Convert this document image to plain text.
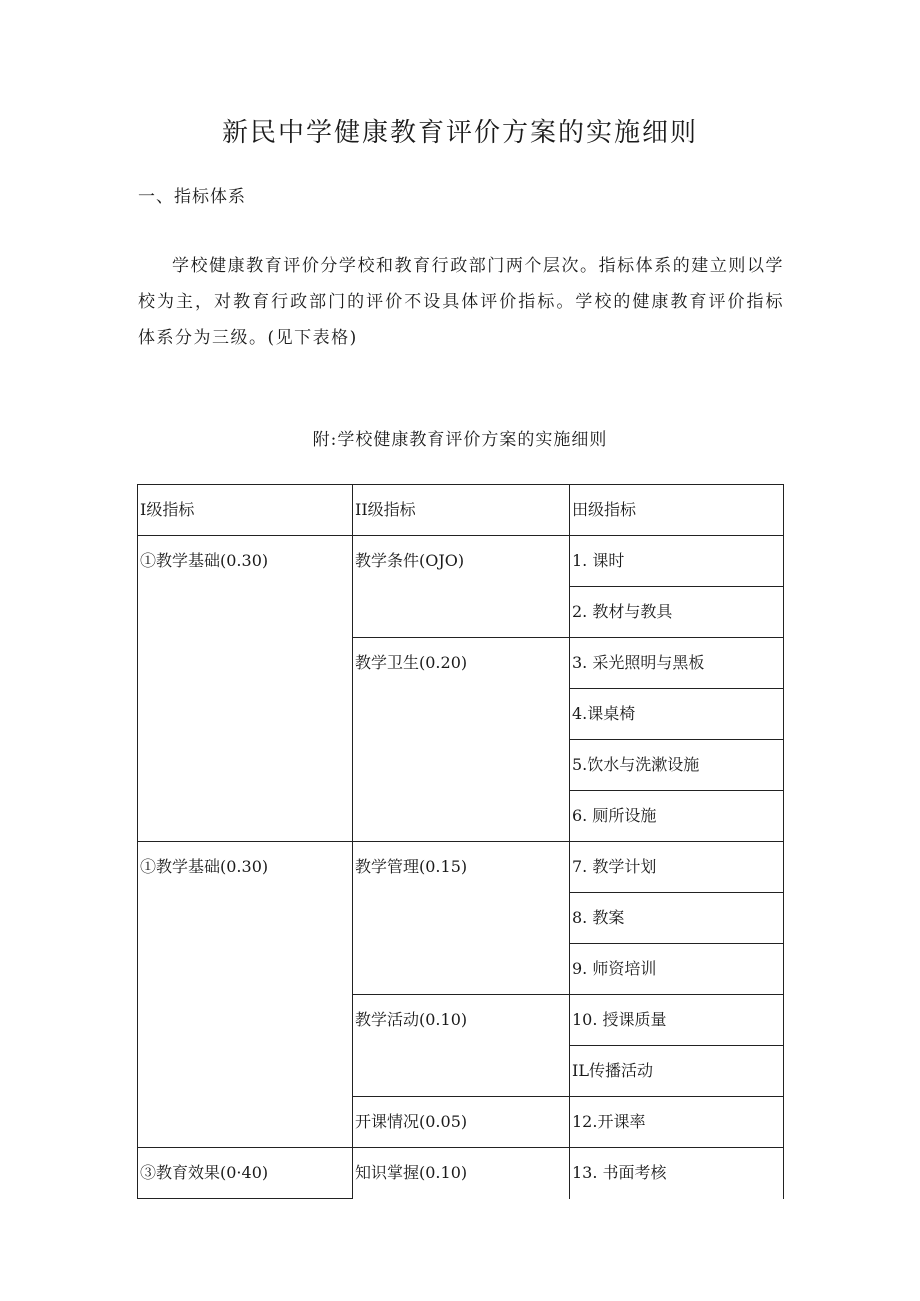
新民中学健康教育评价方案的实施细则
一、指标体系

学校健康教育评价分学校和教育行政部门两个层次。指标体系的建立则以学校为主，对教育行政部门的评价不设具体评价指标。学校的健康教育评价指标体系分为三级。(见下表格)

附:学校健康教育评价方案的实施细则
I级指标	II级指标	田级指标
①教学基础(0.30)	教学条件(OJO)	1. 课时
		2. 教材与教具
	教学卫生(0.20)	3. 采光照明与黑板
		4.课桌椅
		5.饮水与洗漱设施
		6. 厕所设施
①教学基础(0.30)	教学管理(0.15)	7. 教学计划
		8. 教案
		9. 师资培训
	教学活动(0.10)	10. 授课质量
		IL传播活动
	开课情况(0.05)	12.开课率
③教育效果(0·40)	知识掌握(0.10)	13. 书面考核
